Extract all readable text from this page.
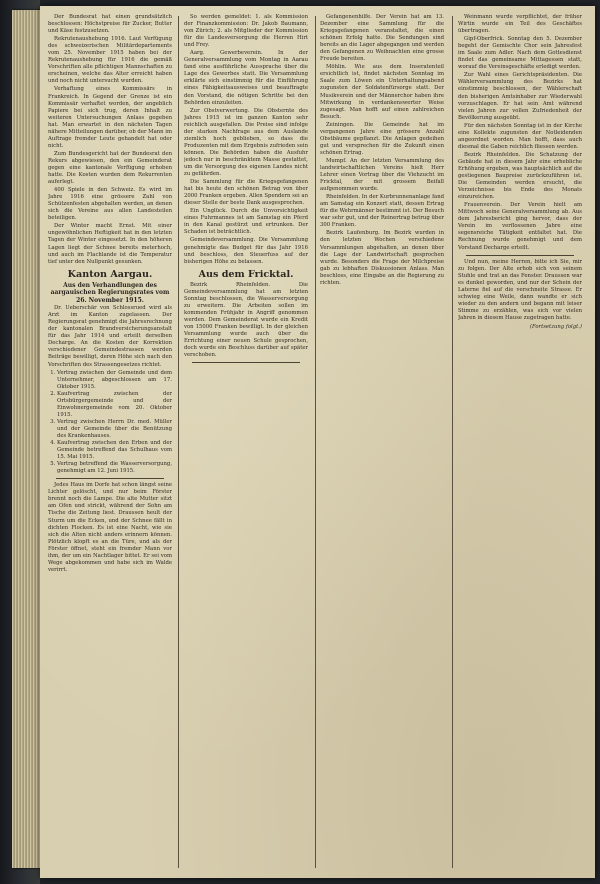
Der Bundesrat hat einen grundsätzlich beschlossen: Höchstpreise für Zucker, Butter und Käse festzusetzen.

Rekrutenaushebung 1916. Laut Verfügung des schweizerischen Militärdepartements vom 25. November 1915 haben bei der Rekrutenaushebung für 1916 die gemäß Vorschriften alle pflichtigen Mannschaften zu erscheinen, welche das Alter erreicht haben und noch nicht untersucht wurden.

Verhaftung eines Kommissärs in Frankreich. In Gegend der Grenze ist ein Kommissär verhaftet worden, der angeblich Papiere bei sich trug, deren Inhalt zu weiteren Untersuchungen Anlass gegeben hat. Man erwartet in den nächsten Tagen nähere Mitteilungen darüber, ob der Mann im Auftrage fremder Leute gehandelt hat oder nicht.

Zum Bundesgericht hat der Bundesrat den Rekurs abgewiesen, den ein Gemeinderat gegen eine kantonale Verfügung erhoben hatte. Die Kosten wurden dem Rekurrenten auferlegt.

400 Spiele in den Schweiz. Es wird im Jahre 1916 eine grössere Zahl von Schützenfesten abgehalten werden, an denen sich die Vereine aus allen Landesteilen beteiligen.

Der Winter macht Ernst. Mit einer ungewöhnlichen Heftigkeit hat in den letzten Tagen der Winter eingesetzt. In den höheren Lagen liegt der Schnee bereits meterhoch, und auch im Flachlande ist die Temperatur tief unter den Nullpunkt gesunken.

Kanton Aargau.
Aus den Verhandlungen des aargauischen Regierungsrates vom 26. November 1915.

Dr. Ueberschär von Schlossrued wird als Arzt im Kanton zugelassen. Der Regierungsrat genehmigt die Jahresrechnung der kantonalen Brandversicherungsanstalt für das Jahr 1914 und erteilt derselben Decharge. An die Kosten der Korrektion verschiedener Gemeindestrassen werden Beiträge bewilligt, deren Höhe sich nach den Vorschriften des Strassengesetzes richtet.

1. Vertrag zwischen der Gemeinde und dem Unternehmer, abgeschlossen am 17. Oktober 1915.
2. Kaufvertrag zwischen der Ortsbürgergemeinde und der Einwohnergemeinde vom 20. Oktober 1915.
3. Vertrag zwischen Herrn Dr. med. Müller und der Gemeinde über die Benützung des Krankenhauses.
4. Kaufvertrag zwischen den Erben und der Gemeinde betreffend das Schulhaus vom 15. Mai 1915.
5. Vertrag betreffend die Wasserversorgung, genehmigt am 12. Juni 1915.

Jedes Haus im Dorfe hat schon längst seine Lichter gelöscht, und nur beim Förster brennt noch die Lampe. Die alte Mutter sitzt am Ofen und strickt, während der Sohn am Tische die Zeitung liest. Draussen heult der Sturm um die Ecken, und der Schnee fällt in dichten Flocken. Es ist eine Nacht, wie sie sich die Alten nicht anders erinnern können. Plötzlich klopft es an die Türe, und als der Förster öffnet, steht ein fremder Mann vor ihm, der um ein Nachtlager bittet. Er sei vom Wege abgekommen und habe sich im Walde verirrt.

So werden gemeldet: 1. als Kommission der Finanzkommission: Dr. Jakob Baumann, von Zürich; 2. als Mitglieder der Kommission für die Landesversorgung die Herren Hirt und Frey.

Aarg. Gewerbeverein. In der Generalversammlung vom Montag in Aarau fand eine ausführliche Aussprache über die Lage des Gewerbes statt. Die Versammlung erklärte sich einstimmig für die Einführung eines Fähigkeitsausweises und beauftragte den Vorstand, die nötigen Schritte bei den Behörden einzuleiten.

Zur Obstverwertung. Die Obsternte des Jahres 1915 ist im ganzen Kanton sehr reichlich ausgefallen. Die Preise sind infolge der starken Nachfrage aus dem Auslande ziemlich hoch geblieben, so dass die Produzenten mit dem Ergebnis zufrieden sein können. Die Behörden haben die Ausfuhr jedoch nur in beschränktem Masse gestattet, um die Versorgung des eigenen Landes nicht zu gefährden.

Die Sammlung für die Kriegsgefangenen hat bis heute den schönen Betrag von über 2000 Franken ergeben. Allen Spendern sei an dieser Stelle der beste Dank ausgesprochen.

Ein Unglück. Durch die Unvorsichtigkeit eines Fuhrmannes ist am Samstag ein Pferd in den Kanal gestürzt und ertrunken. Der Schaden ist beträchtlich.

Gemeindeversammlung. Die Versammlung genehmigte das Budget für das Jahr 1916 und beschloss, den Steuerfuss auf der bisherigen Höhe zu belassen.

Aus dem Fricktal.

Bezirk Rheinfelden. Die Gemeindeversammlung hat am letzten Sonntag beschlossen, die Wasserversorgung zu erweitern. Die Arbeiten sollen im kommenden Frühjahr in Angriff genommen werden. Dem Gemeinderat wurde ein Kredit von 15000 Franken bewilligt. In der gleichen Versammlung wurde auch über die Errichtung einer neuen Schule gesprochen, doch wurde ein Beschluss darüber auf später verschoben.

Gefangenenhilfe. Der Verein hat am 13. Dezember eine Sammlung für die Kriegsgefangenen veranstaltet, die einen schönen Erfolg hatte. Die Sendungen sind bereits an die Lager abgegangen und werden den Gefangenen zu Weihnachten eine grosse Freude bereiten.

Möhlin. Wie aus dem Inseratenteil ersichtlich ist, findet nächsten Sonntag im Saale zum Löwen ein Unterhaltungsabend zugunsten der Soldatenfürsorge statt. Der Musikverein und der Männerchor haben ihre Mitwirkung in verdankenswerter Weise zugesagt. Man hofft auf einen zahlreichen Besuch.

Zeiningen. Die Gemeinde hat im vergangenen Jahre eine grössere Anzahl Obstbäume gepflanzt. Die Anlagen gedeihen gut und versprechen für die Zukunft einen schönen Ertrag.

Mumpf. An der letzten Versammlung des landwirtschaftlichen Vereins hielt Herr Lehrer einen Vortrag über die Viehzucht im Fricktal, der mit grossem Beifall aufgenommen wurde.

Rheinfelden. In der Kurbrunnenanlage fand am Samstag ein Konzert statt, dessen Ertrag für die Wehrmänner bestimmt ist. Der Besuch war sehr gut, und der Reinertrag betrug über 300 Franken.

Bezirk Laufenburg. Im Bezirk wurden in den letzten Wochen verschiedene Versammlungen abgehalten, an denen über die Lage der Landwirtschaft gesprochen wurde. Besonders die Frage der Milchpreise gab zu lebhaften Diskussionen Anlass. Man beschloss, eine Eingabe an die Regierung zu richten.

Weinmann wurde verpflichtet, der früher Wirtin wurde ein Teil des Geschäftes übertragen.

Gipf-Oberfrick. Sonntag den 5. Dezember begeht der Gemischte Chor sein Jahresfest im Saale zum Adler. Nach dem Gottesdienst findet das gemeinsame Mittagessen statt, worauf die Vereinsgeschäfte erledigt werden.

Zur Wahl eines Gerichtspräsidenten. Die Wählerversammlung des Bezirks hat einstimmig beschlossen, der Wählerschaft den bisherigen Amtsinhaber zur Wiederwahl vorzuschlagen. Er hat sein Amt während vielen Jahren zur vollen Zufriedenheit der Bevölkerung ausgeübt.

Für den nächsten Sonntag ist in der Kirche eine Kollekte zugunsten der Notleidenden angeordnet worden. Man hofft, dass auch diesmal die Gaben reichlich fliessen werden.

Bezirk Rheinfelden. Die Schatzung der Gebäude hat in diesem Jahr eine erhebliche Erhöhung ergeben, was hauptsächlich auf die gestiegenen Baupreise zurückzuführen ist. Die Gemeinden werden ersucht, die Verzeichnisse bis Ende des Monats einzureichen.

Frauenverein. Der Verein hielt am Mittwoch seine Generalversammlung ab. Aus dem Jahresbericht ging hervor, dass der Verein im verflossenen Jahre eine segensreiche Tätigkeit entfaltet hat. Die Rechnung wurde genehmigt und dem Vorstand Decharge erteilt.

Und nun, meine Herren, bitte ich Sie, mir zu folgen. Der Alte erhob sich von seinem Stuhle und trat an das Fenster. Draussen war es dunkel geworden, und nur der Schein der Laterne fiel auf die verschneite Strasse. Er schwieg eine Weile, dann wandte er sich wieder zu den andern und begann mit leiser Stimme zu erzählen, was sich vor vielen Jahren in diesem Hause zugetragen hatte.

(Fortsetzung folgt.)
